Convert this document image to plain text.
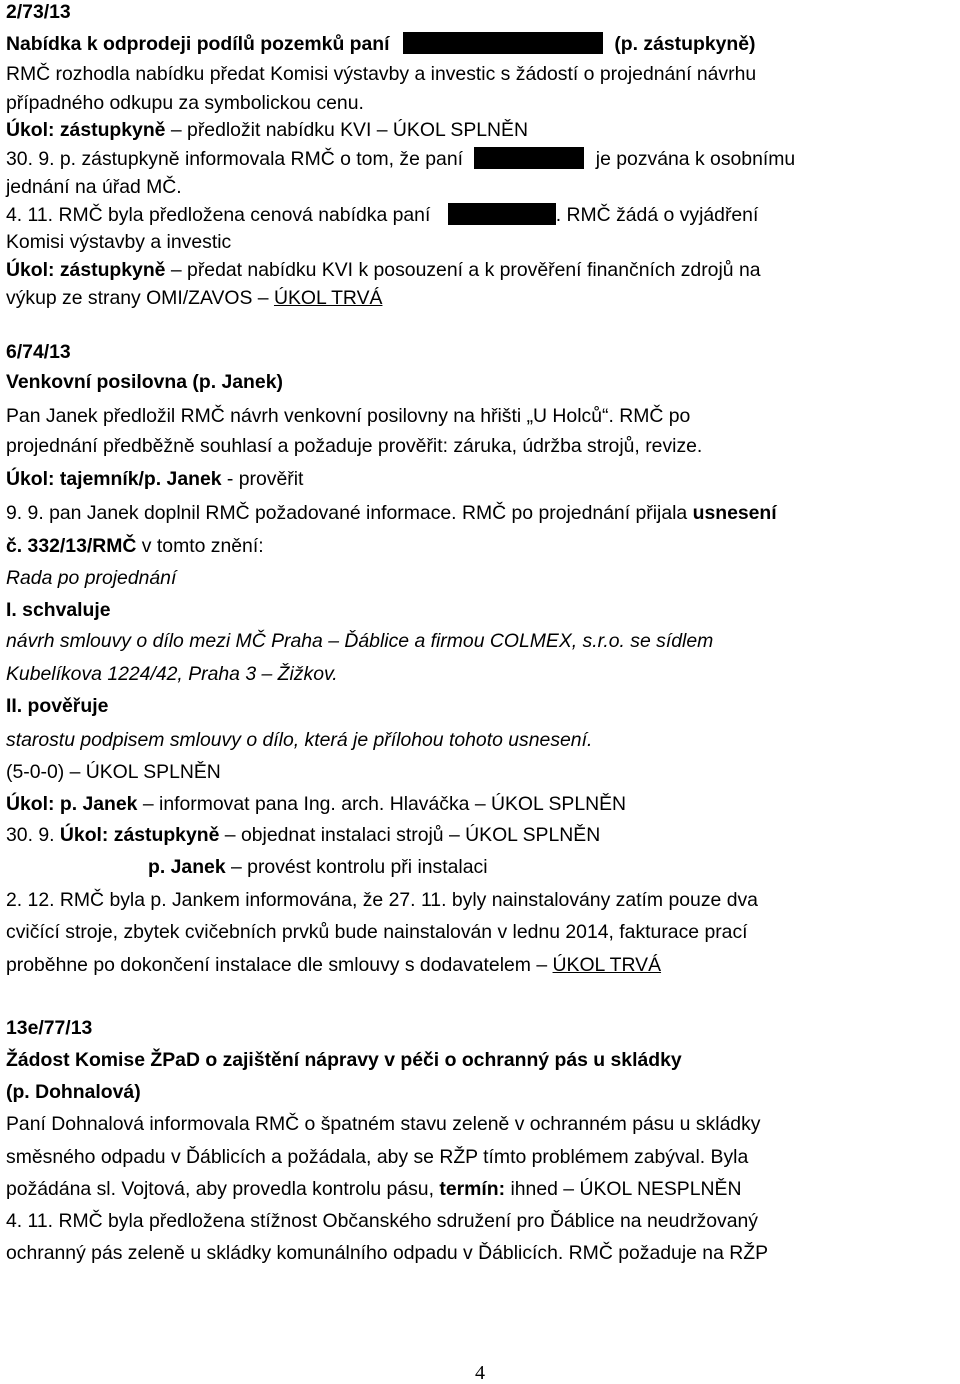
2/73/13
Nabídka k odprodeji podílů pozemků paní	(p. zástupkyně)
RMČ rozhodla nabídku předat Komisi výstavby a investic s žádostí o projednání návrhu
případného odkupu za symbolickou cenu.
Úkol: zástupkyně – předložit nabídku KVI – ÚKOL SPLNĚN
30. 9. p. zástupkyně informovala RMČ o tom, že paní	je pozvána k osobnímu
jednání na úřad MČ.
4. 11. RMČ byla předložena cenová nabídka paní	. RMČ žádá o vyjádření
Komisi výstavby a investic
Úkol: zástupkyně – předat nabídku KVI k posouzení a k prověření finančních zdrojů na
výkup ze strany OMI/ZAVOS – ÚKOL TRVÁ
6/74/13
Venkovní posilovna (p. Janek)
Pan Janek předložil RMČ návrh venkovní posilovny na hřišti „U Holců“. RMČ po
projednání předběžně souhlasí a požaduje prověřit: záruka, údržba strojů, revize.
Úkol: tajemník/p. Janek - prověřit
9. 9. pan Janek doplnil RMČ požadované informace. RMČ po projednání přijala usnesení
č. 332/13/RMČ v tomto znění:
Rada po projednání
I. schvaluje
návrh smlouvy o dílo mezi MČ Praha – Ďáblice a firmou COLMEX, s.r.o. se sídlem
Kubelíkova 1224/42, Praha 3 – Žižkov.
II. pověřuje
starostu podpisem smlouvy o dílo, která je přílohou tohoto usnesení.
(5-0-0) – ÚKOL SPLNĚN
Úkol: p. Janek – informovat pana Ing. arch. Hlaváčka – ÚKOL SPLNĚN
30. 9. Úkol: zástupkyně – objednat instalaci strojů – ÚKOL SPLNĚN
p. Janek – provést kontrolu při instalaci
2. 12. RMČ byla p. Jankem informována, že 27. 11. byly nainstalovány zatím pouze dva
cvičící stroje, zbytek cvičebních prvků bude nainstalován v lednu 2014, fakturace prací
proběhne po dokončení instalace dle smlouvy s dodavatelem – ÚKOL TRVÁ
13e/77/13
Žádost Komise ŽPaD o zajištění nápravy v péči o ochranný pás u skládky
(p. Dohnalová)
Paní Dohnalová informovala RMČ o špatném stavu zeleně v ochranném pásu u skládky
směsného odpadu v Ďáblicích a požádala, aby se RŽP tímto problémem zabýval. Byla
požádána sl. Vojtová, aby provedla kontrolu pásu, termín: ihned – ÚKOL NESPLNĚN
4. 11. RMČ byla předložena stížnost Občanského sdružení pro Ďáblice na neudržovaný
ochranný pás zeleně u skládky komunálního odpadu v Ďáblicích. RMČ požaduje na RŽP
4
